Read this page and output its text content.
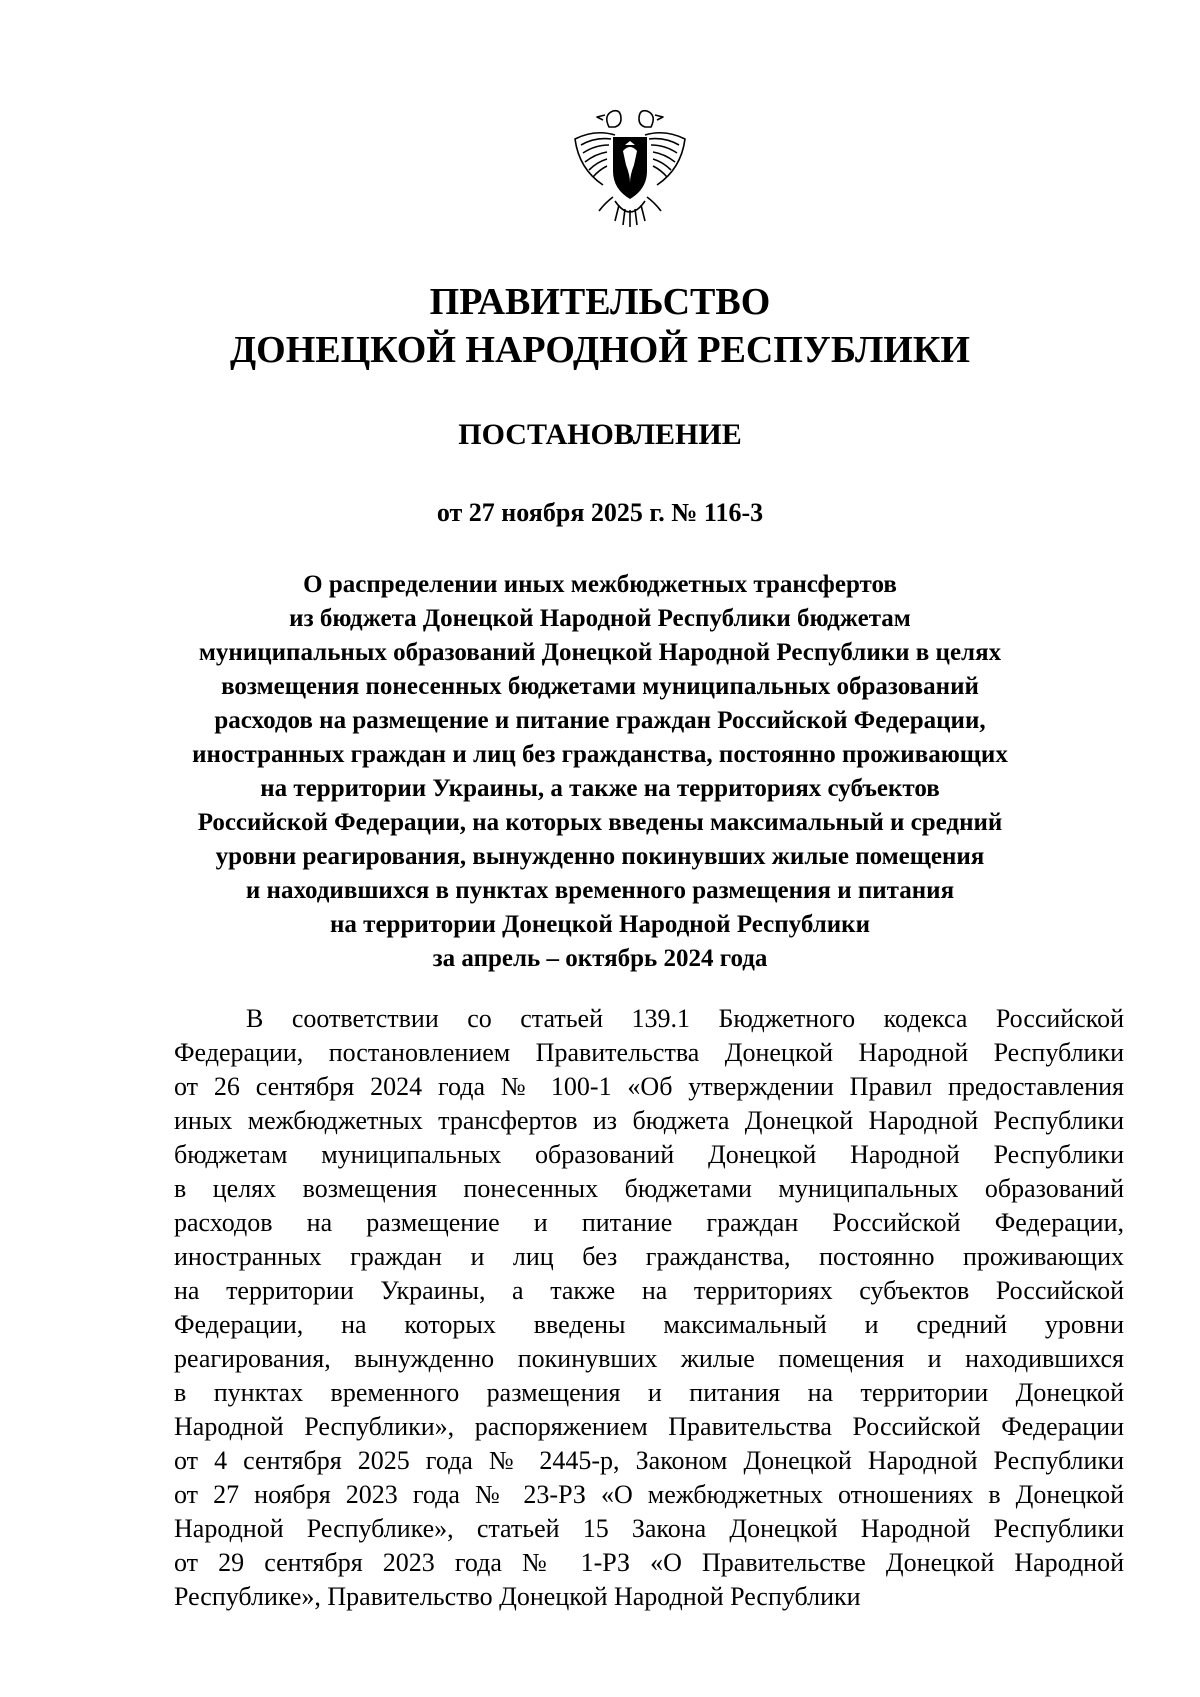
ПРАВИТЕЛЬСТВО
ДОНЕЦКОЙ НАРОДНОЙ РЕСПУБЛИКИ
ПОСТАНОВЛЕНИЕ
от 27 ноября 2025 г. № 116-3
О распределении иных межбюджетных трансфертов
из бюджета Донецкой Народной Республики бюджетам
муниципальных образований Донецкой Народной Республики в целях
возмещения понесенных бюджетами муниципальных образований
расходов на размещение и питание граждан Российской Федерации,
иностранных граждан и лиц без гражданства, постоянно проживающих
на территории Украины, а также на территориях субъектов
Российской Федерации, на которых введены максимальный и средний
уровни реагирования, вынужденно покинувших жилые помещения
и находившихся в пунктах временного размещения и питания
на территории Донецкой Народной Республики
за апрель – октябрь 2024 года
В соответствии со статьей 139.1 Бюджетного кодекса Российской
Федерации, постановлением Правительства Донецкой Народной Республики
от 26 сентября 2024 года № 100-1 «Об утверждении Правил предоставления
иных межбюджетных трансфертов из бюджета Донецкой Народной Республики
бюджетам муниципальных образований Донецкой Народной Республики
в целях возмещения понесенных бюджетами муниципальных образований
расходов на размещение и питание граждан Российской Федерации,
иностранных граждан и лиц без гражданства, постоянно проживающих
на территории Украины, а также на территориях субъектов Российской
Федерации, на которых введены максимальный и средний уровни
реагирования, вынужденно покинувших жилые помещения и находившихся
в пунктах временного размещения и питания на территории Донецкой
Народной Республики», распоряжением Правительства Российской Федерации
от 4 сентября 2025 года № 2445-р, Законом Донецкой Народной Республики
от 27 ноября 2023 года № 23-РЗ «О межбюджетных отношениях в Донецкой
Народной Республике», статьей 15 Закона Донецкой Народной Республики
от 29 сентября 2023 года № 1-РЗ «О Правительстве Донецкой Народной
Республике», Правительство Донецкой Народной Республики
